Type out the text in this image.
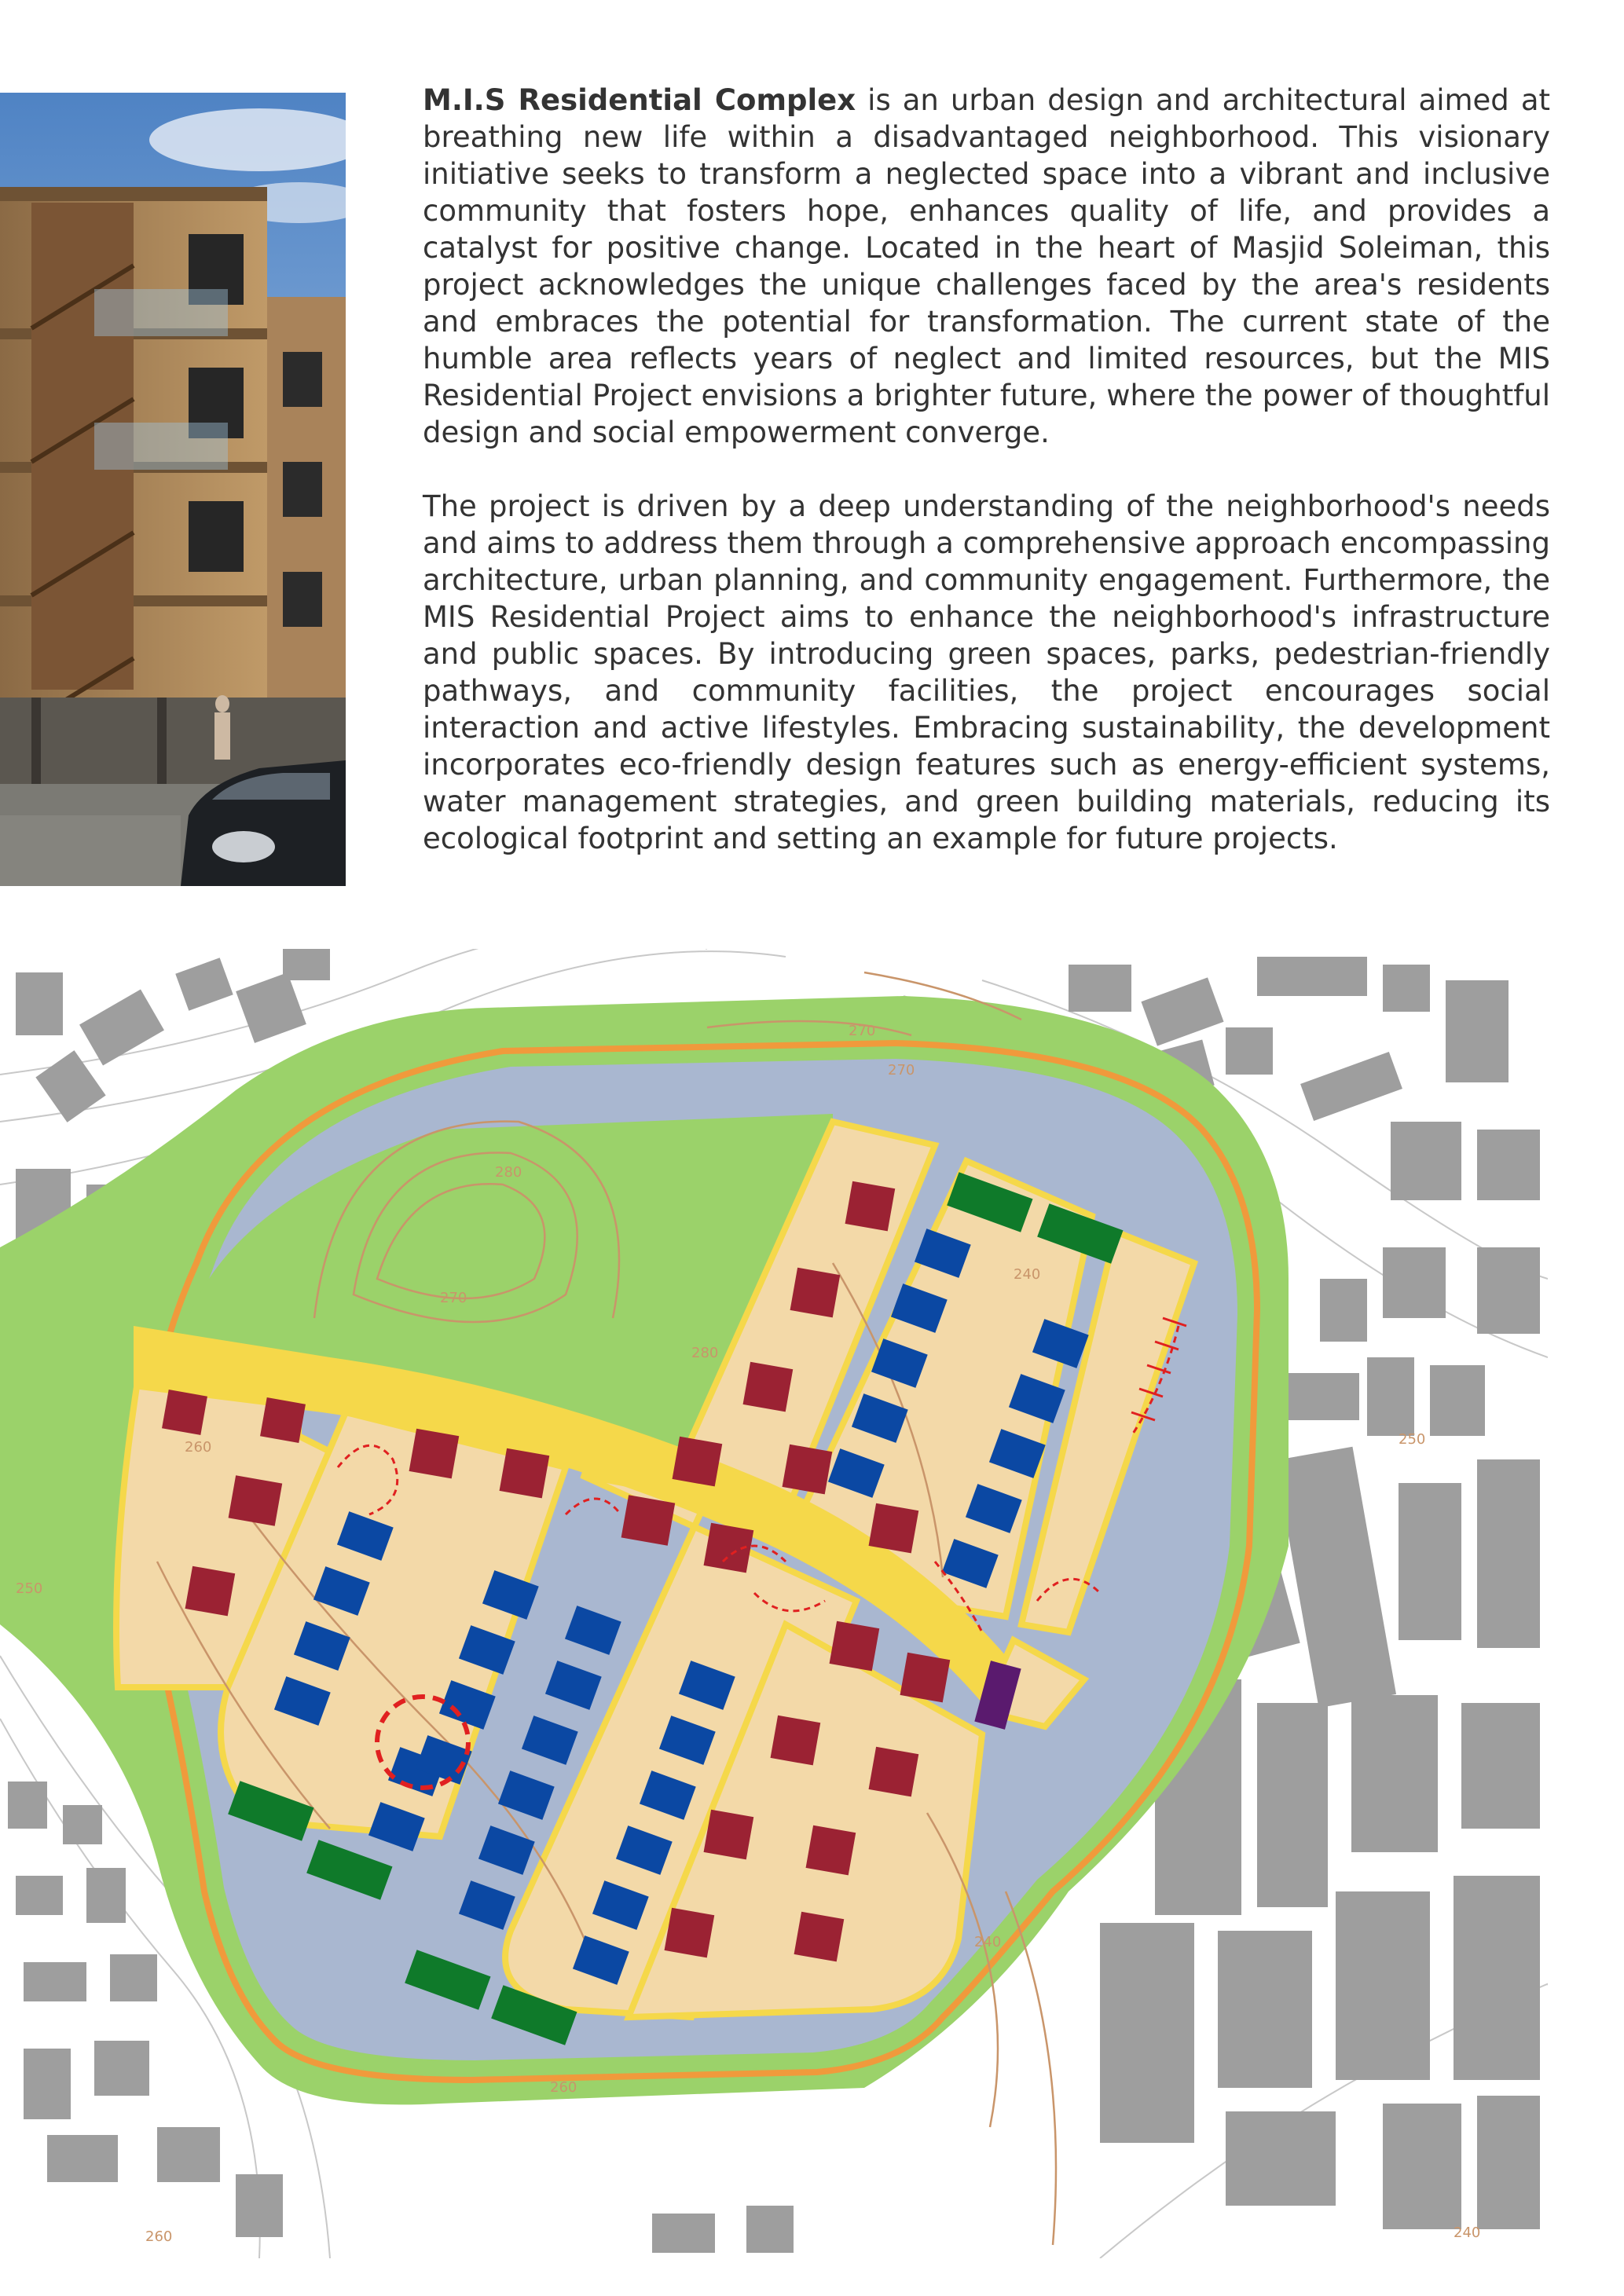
M.I.S Residential Complex is an urban design and architectural aimed at breathing new life within a disadvantaged neighborhood. This visionary initiative seeks to transform a neglected space into a vibrant and inclusive community that fosters hope, enhances quality of life, and provides a catalyst for positive change. Located in the heart of Masjid Soleiman, this project acknowledges the unique challenges faced by the area's residents and embraces the potential for transformation. The current state of the humble area reflects years of neglect and limited resources, but the MIS Residential Project envisions a brighter future, where the power of thoughtful design and social empowerment converge.

The project is driven by a deep understanding of the neighborhood's needs and aims to address them through a comprehensive approach encompassing architecture, urban planning, and community engagement. Furthermore, the MIS Residential Project aims to enhance the neighborhood's infrastructure and public spaces. By introducing green spaces, parks, pedestrian-friendly pathways, and community facilities, the project encourages social interaction and active lifestyles. Embracing sustainability, the development incorporates eco-friendly design features such as energy-efficient systems, water management strategies, and green building materials, reducing its ecological footprint and setting an example for future projects.

270
270
280
280
270
260
250
260
240
240
240
260
250
